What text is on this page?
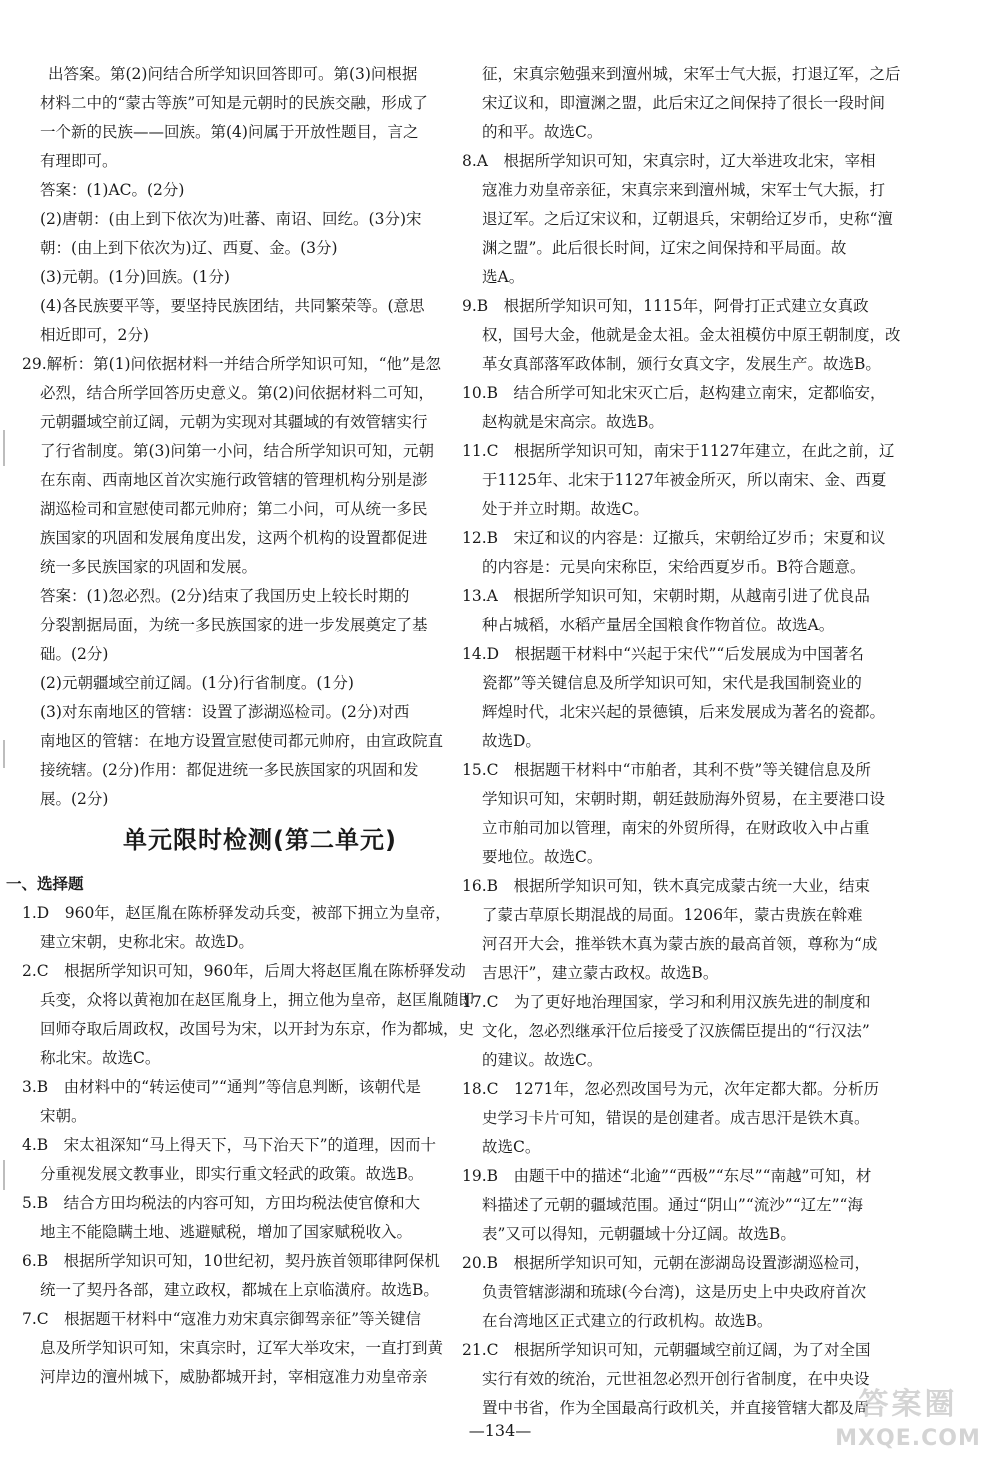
出答案。第(2)问结合所学知识回答即可。第(3)问根据
材料二中的“蒙古等族”可知是元朝时的民族交融，形成了
一个新的民族——回族。第(4)问属于开放性题目，言之
有理即可。
答案：(1)AC。(2分)
(2)唐朝：(由上到下依次为)吐蕃、南诏、回纥。(3分)宋
朝：(由上到下依次为)辽、西夏、金。(3分)
(3)元朝。(1分)回族。(1分)
(4)各民族要平等，要坚持民族团结，共同繁荣等。(意思
相近即可，2分)
29.解析：第(1)问依据材料一并结合所学知识可知，“他”是忽
必烈，结合所学回答历史意义。第(2)问依据材料二可知，
元朝疆域空前辽阔，元朝为实现对其疆域的有效管辖实行
了行省制度。第(3)问第一小问，结合所学知识可知，元朝
在东南、西南地区首次实施行政管辖的管理机构分别是澎
湖巡检司和宣慰使司都元帅府；第二小问，可从统一多民
族国家的巩固和发展角度出发，这两个机构的设置都促进
统一多民族国家的巩固和发展。
答案：(1)忽必烈。(2分)结束了我国历史上较长时期的
分裂割据局面，为统一多民族国家的进一步发展奠定了基
础。(2分)
(2)元朝疆域空前辽阔。(1分)行省制度。(1分)
(3)对东南地区的管辖：设置了澎湖巡检司。(2分)对西
南地区的管辖：在地方设置宣慰使司都元帅府，由宣政院直
接统辖。(2分)作用：都促进统一多民族国家的巩固和发
展。(2分)
单元限时检测(第二单元)
一、选择题
1.D　960年，赵匡胤在陈桥驿发动兵变，被部下拥立为皇帝，
建立宋朝，史称北宋。故选D。
2.C　根据所学知识可知，960年，后周大将赵匡胤在陈桥驿发动
兵变，众将以黄袍加在赵匡胤身上，拥立他为皇帝，赵匡胤随即
回师夺取后周政权，改国号为宋，以开封为东京，作为都城，史
称北宋。故选C。
3.B　由材料中的“转运使司”“通判”等信息判断，该朝代是
宋朝。
4.B　宋太祖深知“马上得天下，马下治天下”的道理，因而十
分重视发展文教事业，即实行重文轻武的政策。故选B。
5.B　结合方田均税法的内容可知，方田均税法使官僚和大
地主不能隐瞒土地、逃避赋税，增加了国家赋税收入。
6.B　根据所学知识可知，10世纪初，契丹族首领耶律阿保机
统一了契丹各部，建立政权，都城在上京临潢府。故选B。
7.C　根据题干材料中“寇准力劝宋真宗御驾亲征”等关键信
息及所学知识可知，宋真宗时，辽军大举攻宋，一直打到黄
河岸边的澶州城下，威胁都城开封，宰相寇准力劝皇帝亲
征，宋真宗勉强来到澶州城，宋军士气大振，打退辽军，之后
宋辽议和，即澶渊之盟，此后宋辽之间保持了很长一段时间
的和平。故选C。
8.A　根据所学知识可知，宋真宗时，辽大举进攻北宋，宰相
寇准力劝皇帝亲征，宋真宗来到澶州城，宋军士气大振，打
退辽军。之后辽宋议和，辽朝退兵，宋朝给辽岁币，史称“澶
渊之盟”。此后很长时间，辽宋之间保持和平局面。故
选A。
9.B　根据所学知识可知，1115年，阿骨打正式建立女真政
权，国号大金，他就是金太祖。金太祖模仿中原王朝制度，改
革女真部落军政体制，颁行女真文字，发展生产。故选B。
10.B　结合所学可知北宋灭亡后，赵构建立南宋，定都临安，
赵构就是宋高宗。故选B。
11.C　根据所学知识可知，南宋于1127年建立，在此之前，辽
于1125年、北宋于1127年被金所灭，所以南宋、金、西夏
处于并立时期。故选C。
12.B　宋辽和议的内容是：辽撤兵，宋朝给辽岁币；宋夏和议
的内容是：元昊向宋称臣，宋给西夏岁币。B符合题意。
13.A　根据所学知识可知，宋朝时期，从越南引进了优良品
种占城稻，水稻产量居全国粮食作物首位。故选A。
14.D　根据题干材料中“兴起于宋代”“后发展成为中国著名
瓷都”等关键信息及所学知识可知，宋代是我国制瓷业的
辉煌时代，北宋兴起的景德镇，后来发展成为著名的瓷都。
故选D。
15.C　根据题干材料中“市舶者，其利不赀”等关键信息及所
学知识可知，宋朝时期，朝廷鼓励海外贸易，在主要港口设
立市舶司加以管理，南宋的外贸所得，在财政收入中占重
要地位。故选C。
16.B　根据所学知识可知，铁木真完成蒙古统一大业，结束
了蒙古草原长期混战的局面。1206年，蒙古贵族在斡难
河召开大会，推举铁木真为蒙古族的最高首领，尊称为“成
吉思汗”，建立蒙古政权。故选B。
17.C　为了更好地治理国家，学习和利用汉族先进的制度和
文化，忽必烈继承汗位后接受了汉族儒臣提出的“行汉法”
的建议。故选C。
18.C　1271年，忽必烈改国号为元，次年定都大都。分析历
史学习卡片可知，错误的是创建者。成吉思汗是铁木真。
故选C。
19.B　由题干中的描述“北逾”“西极”“东尽”“南越”可知，材
料描述了元朝的疆域范围。通过“阴山”“流沙”“辽左”“海
表”又可以得知，元朝疆域十分辽阔。故选B。
20.B　根据所学知识可知，元朝在澎湖岛设置澎湖巡检司，
负责管辖澎湖和琉球(今台湾)，这是历史上中央政府首次
在台湾地区正式建立的行政机构。故选B。
21.C　根据所学知识可知，元朝疆域空前辽阔，为了对全国
实行有效的统治，元世祖忽必烈开创行省制度，在中央设
置中书省，作为全国最高行政机关，并直接管辖大都及周
—134—
答案圈
MXQE.COM
